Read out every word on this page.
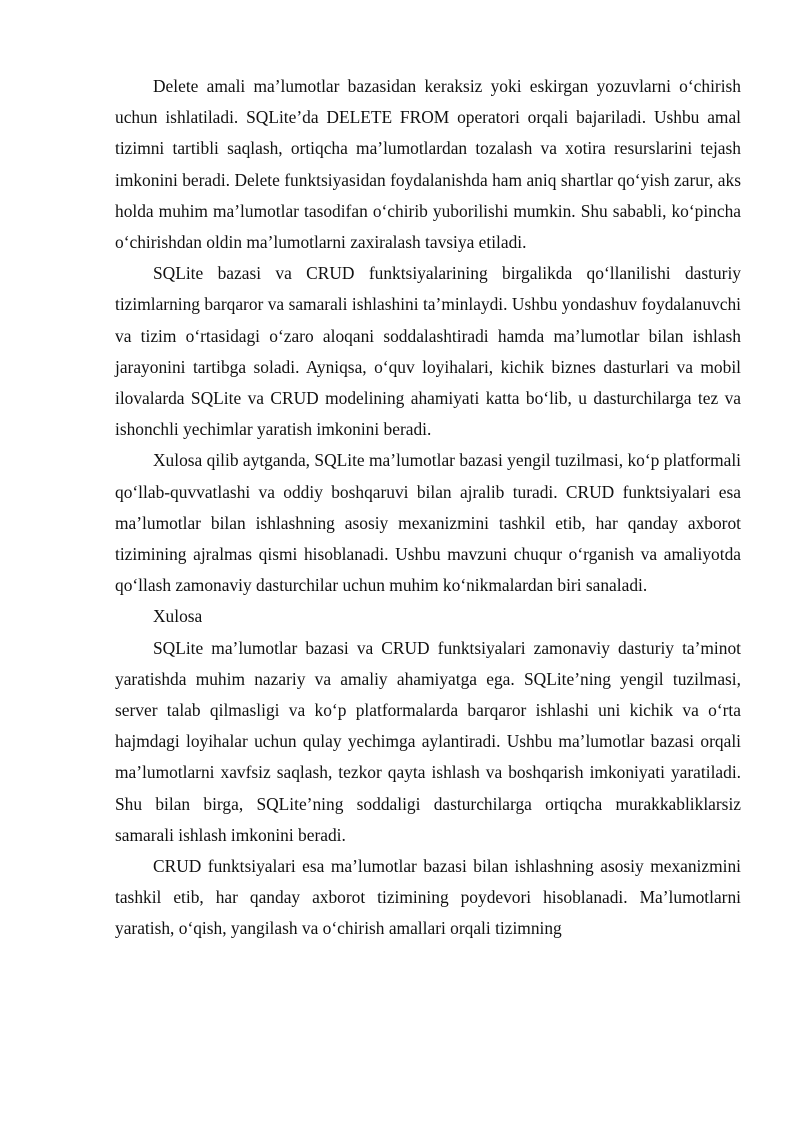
Delete amali maʼlumotlar bazasidan keraksiz yoki eskirgan yozuvlarni oʻchirish uchun ishlatiladi. SQLiteʼda DELETE FROM operatori orqali bajariladi. Ushbu amal tizimni tartibli saqlash, ortiqcha maʼlumotlardan tozalash va xotira resurslarini tejash imkonini beradi. Delete funktsiyasidan foydalanishda ham aniq shartlar qoʻyish zarur, aks holda muhim maʼlumotlar tasodifan oʻchirib yuborilishi mumkin. Shu sababli, koʻpincha oʻchirishdan oldin maʼlumotlarni zaxiralash tavsiya etiladi.

SQLite bazasi va CRUD funktsiyalarining birgalikda qoʻllanilishi dasturiy tizimlarning barqaror va samarali ishlashini taʼminlaydi. Ushbu yondashuv foydalanuvchi va tizim oʻrtasidagi oʻzaro aloqani soddalashtiradi hamda maʼlumotlar bilan ishlash jarayonini tartibga soladi. Ayniqsa, oʻquv loyihalari, kichik biznes dasturlari va mobil ilovalarda SQLite va CRUD modelining ahamiyati katta boʻlib, u dasturchilarga tez va ishonchli yechimlar yaratish imkonini beradi.

Xulosa qilib aytganda, SQLite maʼlumotlar bazasi yengil tuzilmasi, koʻp platformali qoʻllab-quvvatlashi va oddiy boshqaruvi bilan ajralib turadi. CRUD funktsiyalari esa maʼlumotlar bilan ishlashning asosiy mexanizmini tashkil etib, har qanday axborot tizimining ajralmas qismi hisoblanadi. Ushbu mavzuni chuqur oʻrganish va amaliyotda qoʻllash zamonaviy dasturchilar uchun muhim koʻnikmalardan biri sanaladi.

Xulosa

SQLite maʼlumotlar bazasi va CRUD funktsiyalari zamonaviy dasturiy taʼminot yaratishda muhim nazariy va amaliy ahamiyatga ega. SQLiteʼning yengil tuzilmasi, server talab qilmasligi va koʻp platformalarda barqaror ishlashi uni kichik va oʻrta hajmdagi loyihalar uchun qulay yechimga aylantiradi. Ushbu maʼlumotlar bazasi orqali maʼlumotlarni xavfsiz saqlash, tezkor qayta ishlash va boshqarish imkoniyati yaratiladi. Shu bilan birga, SQLiteʼning soddaligi dasturchilarga ortiqcha murakkabliklarsiz samarali ishlash imkonini beradi.

CRUD funktsiyalari esa maʼlumotlar bazasi bilan ishlashning asosiy mexanizmini tashkil etib, har qanday axborot tizimining poydevori hisoblanadi. Maʼlumotlarni yaratish, oʻqish, yangilash va oʻchirish amallari orqali tizimning
